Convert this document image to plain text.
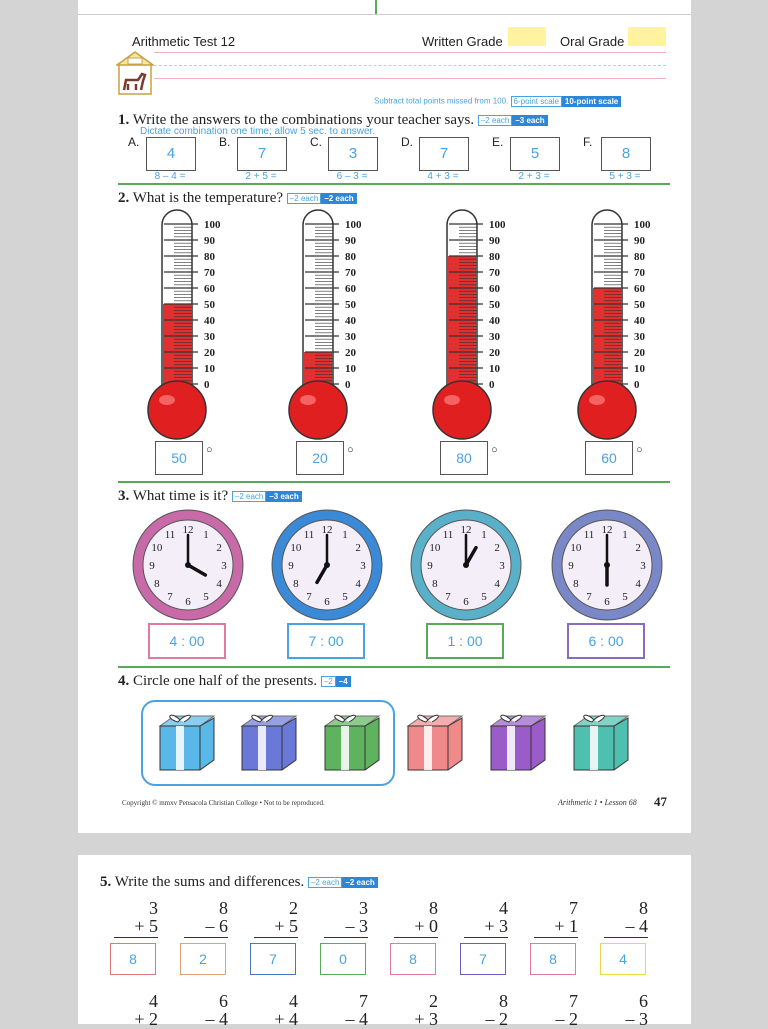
Arithmetic Test 12	Written Grade	Oral Grade
Subtract total points missed from 100. 6-point scale 10-point scale
1. Write the answers to the combinations your teacher says. –2 each –3 each
Dictate combination one time; allow 5 sec. to answer.
A.
4
8 – 4 =
B.
7
2 + 5 =
C.
3
6 – 3 =
D.
7
4 + 3 =
E.
5
2 + 3 =
F.
8
5 + 3 =
2. What is the temperature? –2 each –2 each
100
90
80
70
60
50
40
30
20
10
0
50	○
100
90
80
70
60
50
40
30
20
10
0
20	○
100
90
80
70
60
50
40
30
20
10
0
80	○
100
90
80
70
60
50
40
30
20
10
0
60	○
3. What time is it? –2 each –3 each
1
2
3
4
5
6
7
8
9
10
11 12
4 : 00
1
2
3
4
5
6
7
8
9
10
11 12
7 : 00
1
2
3
4
5
6
7
8
9
10
11 12
1 : 00
1
2
3
4
5
6
7
8
9
10
11 12
6 : 00
4. Circle one half of the presents. –2 –4
Copyright © mmxv Pensacola Christian College • Not to be reproduced.	Arithmetic 1 • Lesson 68 47
5. Write the sums and differences. –2 each –2 each
3
+ 5
8
8
– 6
2
2
+ 5
7
3
– 3
0
8
+ 0
8
4
+ 3
7
7
+ 1
8
8
– 4
4
4
+ 2
6
– 4
4
+ 4
7
– 4
2
+ 3
8
– 2
7
– 2
6
– 3
